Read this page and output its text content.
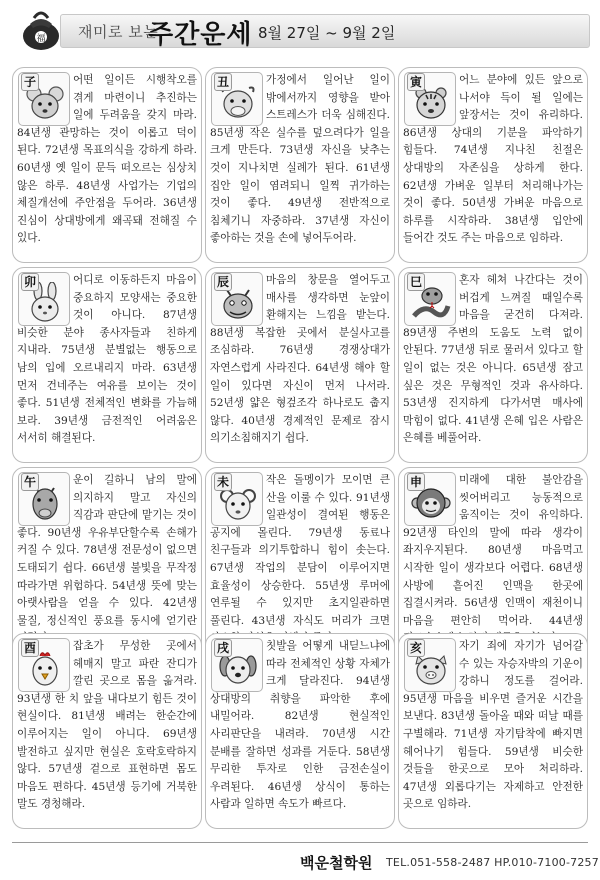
福 재미로 보는
주간운세 8월 27일 ~ 9월 2일
子	어떤 일이든 시행착오를 겪게 마련이니 추진하는 일에 두려움을 갖지 마라. 84년생 관망하는 것이 이롭고 덕이 된다. 72년생 목표의식을 강하게 하라. 60년생 옛 일이 문득 떠오르는 심상치 않은 하루. 48년생 사업가는 기업의 체질개선에 주안점을 두어라. 36년생 진심이 상대방에게 왜곡돼 전해질 수 있다.

丑	가정에서 일어난 일이 밖에서까지 영향을 받아 스트레스가 더욱 심해진다. 85년생 작은 실수를 덮으려다가 일을 크게 만든다. 73년생 자신을 낮추는 것이 지나치면 실례가 된다. 61년생 집안 일이 염려되니 일찍 귀가하는 것이 좋다. 49년생 전반적으로 침체기니 자중하라. 37년생 자신이 좋아하는 것을 손에 넣어두어라.

寅	어느 분야에 있든 앞으로 나서야 득이 될 일에는 앞장서는 것이 유리하다. 86년생 상대의 기분을 파악하기 힘들다. 74년생 지나친 친절은 상대방의 자존심을 상하게 한다. 62년생 가벼운 일부터 처리해나가는 것이 좋다. 50년생 가벼운 마음으로 하루를 시작하라. 38년생 입안에 들어간 것도 주는 마음으로 임하라.

卯	어디로 이동하든지 마음이 중요하지 모양새는 중요한 것이 아니다. 87년생 비슷한 분야 종사자들과 친하게 지내라. 75년생 분별없는 행동으로 남의 입에 오르내리지 마라. 63년생 먼저 건네주는 여유를 보이는 것이 좋다. 51년생 전체적인 변화를 가늠해 보라. 39년생 금전적인 어려움은 서서히 해결된다.

辰	마음의 창문을 열어두고 매사를 생각하면 눈앞이 환해지는 느낌을 받는다. 88년생 복잡한 곳에서 분실사고를 조심하라. 76년생 경쟁상대가 자연스럽게 사라진다. 64년생 해야 할 일이 있다면 자신이 먼저 나서라. 52년생 얇은 형겊조각 하나로도 춥지 않다. 40년생 경제적인 문제로 잠시 의기소침해지기 쉽다.

巳	혼자 헤쳐 나간다는 것이 버겁게 느껴질 때일수록 마음을 굳건히 다져라. 89년생 주변의 도움도 노력 없이 안된다. 77년생 뒤로 물러서 있다고 할 일이 없는 것은 아니다. 65년생 잠고 싶은 것은 무형적인 것과 유사하다. 53년생 진지하게 다가서면 매사에 막힘이 없다. 41년생 은혜 입은 사람은 은혜를 베풀어라.

午	운이 길하니 남의 말에 의지하지 말고 자신의 직감과 판단에 맡기는 것이 좋다. 90년생 우유부단할수록 손해가 커질 수 있다. 78년생 전문성이 없으면 도태되기 쉽다. 66년생 불빛을 무작정 따라가면 위험하다. 54년생 뜻에 맞는 아랫사람을 얻을 수 있다. 42년생 물질, 정신적인 풍요를 동시에 얻기란

未	작은 돌멩이가 모이면 큰 산을 이룰 수 있다. 91년생 일관성이 결여된 행동은 공지에 몰린다. 79년생 동료나 친구들과 의기투합하니 힘이 솟는다. 67년생 작업의 분담이 이루어지면 효율성이 상승한다. 55년생 루머에 연루될 수 있지만 초지일관하면 풀린다. 43년생 자식도 머리가 크면

申	미래에 대한 불안감을 씻어버리고 능동적으로 움직이는 것이 유익하다. 92년생 타인의 말에 따라 생각이 좌지우지된다. 80년생 마음먹고 시작한 일이 생각보다 어렵다. 68년생 사방에 흩어진 인맥을 한곳에 집결시켜라. 56년생 인맥이 재천이니 마음을 편안히 먹어라. 44년생

酉	잡초가 무성한 곳에서 헤매지 말고 파란 잔디가 깔린 곳으로 몸을 옮겨라. 93년생 한 치 앞을 내다보기 힘든 것이 현실이다. 81년생 배려는 한순간에 이루어지는 일이 아니다. 69년생 발전하고 싶지만 현실은 호락호락하지 않다. 57년생 겉으로 표현하면 몸도 마음도 편하다. 45년생 등기에 거북한 말도 경청해라.

戌	칫발을 어떻게 내딛느냐에 따라 전체적인 상황 자체가 크게 달라진다. 94년생 상대방의 취향을 파악한 후에 내밀어라. 82년생 현실적인 사리판단을 내려라. 70년생 시간 분배를 잘하면 성과를 거둔다. 58년생 무리한 투자로 인한 금전손실이 우려된다. 46년생 상식이 통하는 사람과 일하면 속도가 빠르다.

亥	자기 죄에 자기가 넘어갈 수 있는 자승자박의 기운이 강하니 정도를 걸어라. 95년생 마음을 비우면 즐거운 시간을 보낸다. 83년생 돌아올 때와 떠날 때를 구별해라. 71년생 자기탐착에 빠지면 헤어나기 힘들다. 59년생 비슷한 것들을 한곳으로 모아 처리하라. 47년생 외롭다기는 자제하고 안전한 곳으로 임하라.

백운철학원 TEL.051-558-2487 HP.010-7100-7257
